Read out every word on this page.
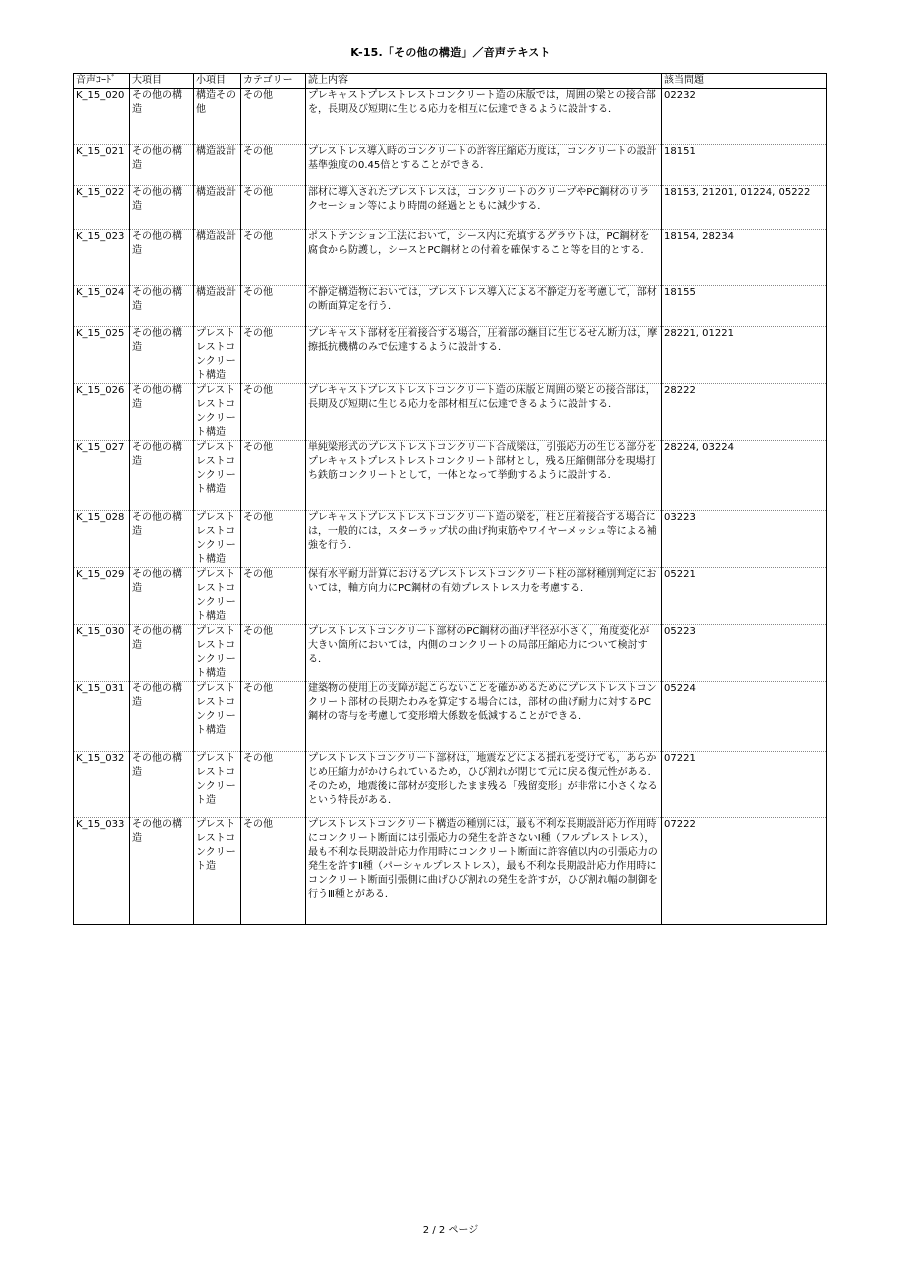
K-15.「その他の構造」／音声テキスト
音声ｺｰﾄﾞ	大項目	小項目	カテゴリー	読上内容	該当問題
K_15_020	その他の構造	構造その他	その他	プレキャストプレストレストコンクリート造の床版では，周囲の梁との接合部を，長期及び短期に生じる応力を相互に伝達できるように設計する．	02232
K_15_021	その他の構造	構造設計	その他	プレストレス導入時のコンクリートの許容圧縮応力度は，コンクリートの設計基準強度の0.45倍とすることができる．	18151
K_15_022	その他の構造	構造設計	その他	部材に導入されたプレストレスは，コンクリートのクリープやPC鋼材のリラクセーション等により時間の経過とともに減少する．	18153, 21201, 01224, 05222
K_15_023	その他の構造	構造設計	その他	ポストテンション工法において，シース内に充填するグラウトは，PC鋼材を腐食から防護し，シースとPC鋼材との付着を確保すること等を目的とする．	18154, 28234
K_15_024	その他の構造	構造設計	その他	不静定構造物においては，プレストレス導入による不静定力を考慮して，部材の断面算定を行う．	18155
K_15_025	その他の構造	プレストレストコンクリート構造	その他	プレキャスト部材を圧着接合する場合，圧着部の継目に生じるせん断力は，摩擦抵抗機構のみで伝達するように設計する．	28221, 01221
K_15_026	その他の構造	プレストレストコンクリート構造	その他	プレキャストプレストレストコンクリート造の床版と周囲の梁との接合部は，長期及び短期に生じる応力を部材相互に伝達できるように設計する．	28222
K_15_027	その他の構造	プレストレストコンクリート構造	その他	単純梁形式のプレストレストコンクリート合成梁は，引張応力の生じる部分をプレキャストプレストレストコンクリート部材とし，残る圧縮側部分を現場打ち鉄筋コンクリートとして，一体となって挙動するように設計する．	28224, 03224
K_15_028	その他の構造	プレストレストコンクリート構造	その他	プレキャストプレストレストコンクリート造の梁を，柱と圧着接合する場合には，一般的には，スターラップ状の曲げ拘束筋やワイヤーメッシュ等による補強を行う．	03223
K_15_029	その他の構造	プレストレストコンクリート構造	その他	保有水平耐力計算におけるプレストレストコンクリート柱の部材種別判定においては，軸方向力にPC鋼材の有効プレストレス力を考慮する．	05221
K_15_030	その他の構造	プレストレストコンクリート構造	その他	プレストレストコンクリート部材のPC鋼材の曲げ半径が小さく，角度変化が大きい箇所においては，内側のコンクリートの局部圧縮応力について検討する．	05223
K_15_031	その他の構造	プレストレストコンクリート構造	その他	建築物の使用上の支障が起こらないことを確かめるためにプレストレストコンクリート部材の長期たわみを算定する場合には，部材の曲げ耐力に対するPC鋼材の寄与を考慮して変形増大係数を低減することができる．	05224
K_15_032	その他の構造	プレストレストコンクリート造	その他	プレストレストコンクリート部材は，地震などによる揺れを受けても，あらかじめ圧縮力がかけられているため，ひび割れが閉じて元に戻る復元性がある．そのため，地震後に部材が変形したまま残る「残留変形」が非常に小さくなるという特長がある．	07221
K_15_033	その他の構造	プレストレストコンクリート造	その他	プレストレストコンクリート構造の種別には，最も不利な長期設計応力作用時にコンクリート断面には引張応力の発生を許さないⅠ種（フルプレストレス），最も不利な長期設計応力作用時にコンクリート断面に許容値以内の引張応力の発生を許すⅡ種（パーシャルプレストレス），最も不利な長期設計応力作用時にコンクリート断面引張側に曲げひび割れの発生を許すが，ひび割れ幅の制御を行うⅢ種とがある．	07222
2 / 2 ページ
